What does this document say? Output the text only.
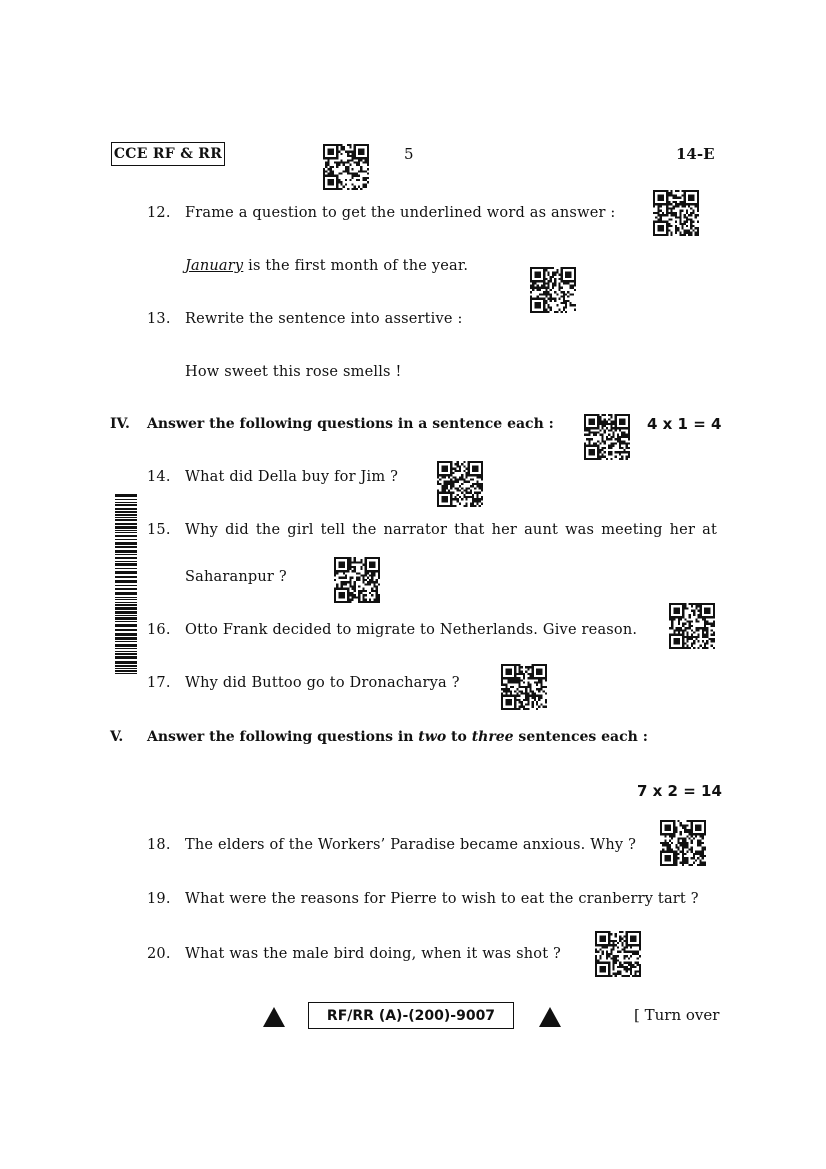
CCE RF & RR	5	14-E
12. Frame a question to get the underlined word as answer :
January is the first month of the year.
13. Rewrite the sentence into assertive :
How sweet this rose smells !
IV. Answer the following questions in a sentence each :	4 x 1 = 4
14. What did Della buy for Jim ?
15. Why did the girl tell the narrator that her aunt was meeting her at
Saharanpur ?
16. Otto Frank decided to migrate to Netherlands. Give reason.
17. Why did Buttoo go to Dronacharya ?
V. Answer the following questions in two to three sentences each :
7 x 2 = 14
18. The elders of the Workers’ Paradise became anxious. Why ?
19. What were the reasons for Pierre to wish to eat the cranberry tart ?
20. What was the male bird doing, when it was shot ?
RF/RR (A)-(200)-9007	[ Turn over
